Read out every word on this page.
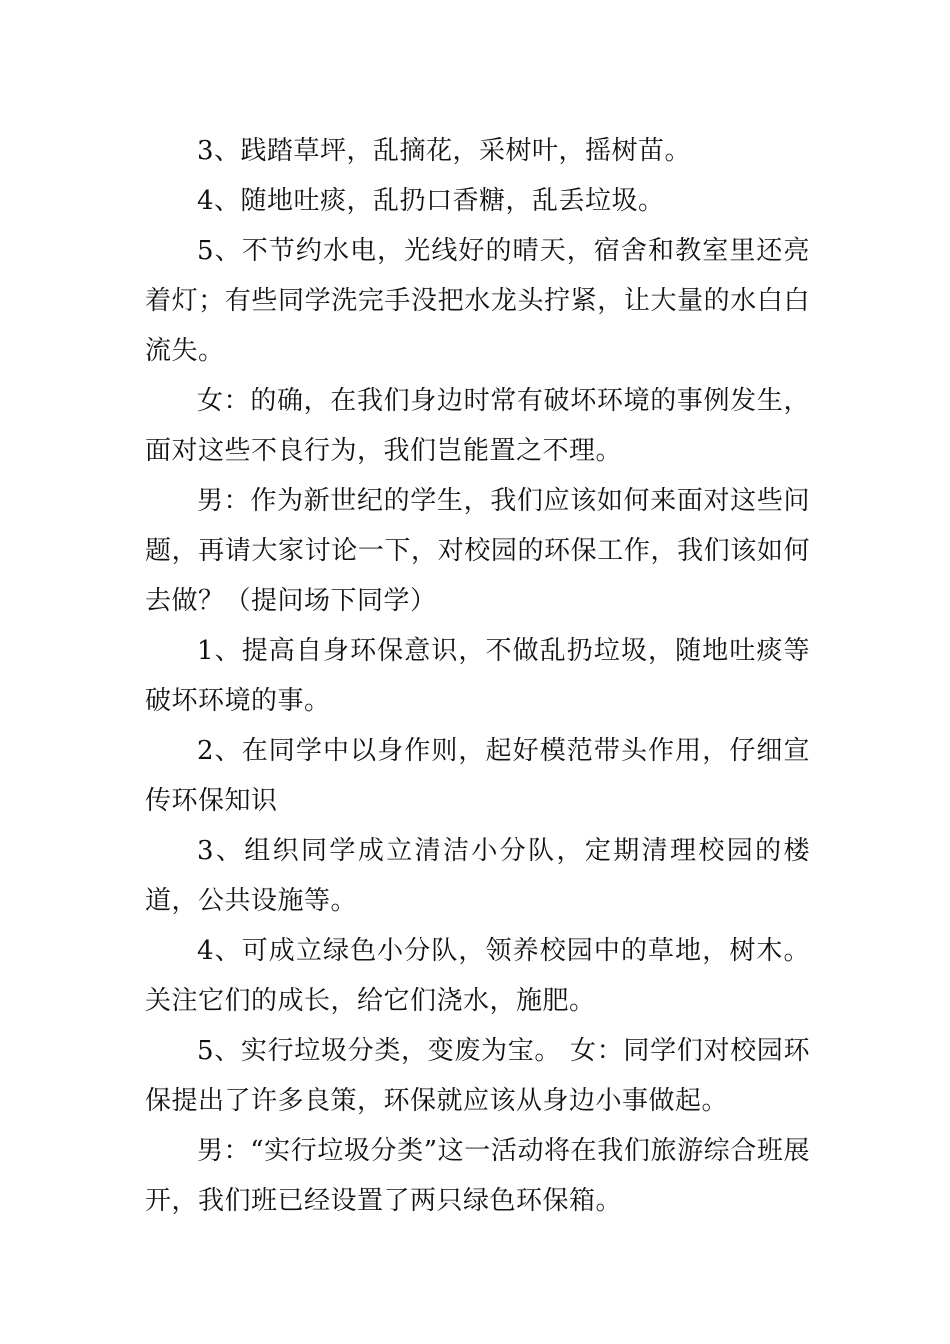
3、践踏草坪，乱摘花，采树叶，摇树苗。

4、随地吐痰，乱扔口香糖，乱丢垃圾。

5、不节约水电，光线好的晴天，宿舍和教室里还亮着灯；有些同学洗完手没把水龙头拧紧，让大量的水白白流失。

女：的确，在我们身边时常有破坏环境的事例发生，面对这些不良行为，我们岂能置之不理。

男：作为新世纪的学生，我们应该如何来面对这些问题，再请大家讨论一下，对校园的环保工作，我们该如何去做？（提问场下同学）

1、提高自身环保意识，不做乱扔垃圾，随地吐痰等破坏环境的事。

2、在同学中以身作则，起好模范带头作用，仔细宣传环保知识

3、组织同学成立清洁小分队，定期清理校园的楼道，公共设施等。

4、可成立绿色小分队，领养校园中的草地，树木。关注它们的成长，给它们浇水，施肥。

5、实行垃圾分类，变废为宝。 女：同学们对校园环保提出了许多良策，环保就应该从身边小事做起。

男：“实行垃圾分类”这一活动将在我们旅游综合班展开，我们班已经设置了两只绿色环保箱。
